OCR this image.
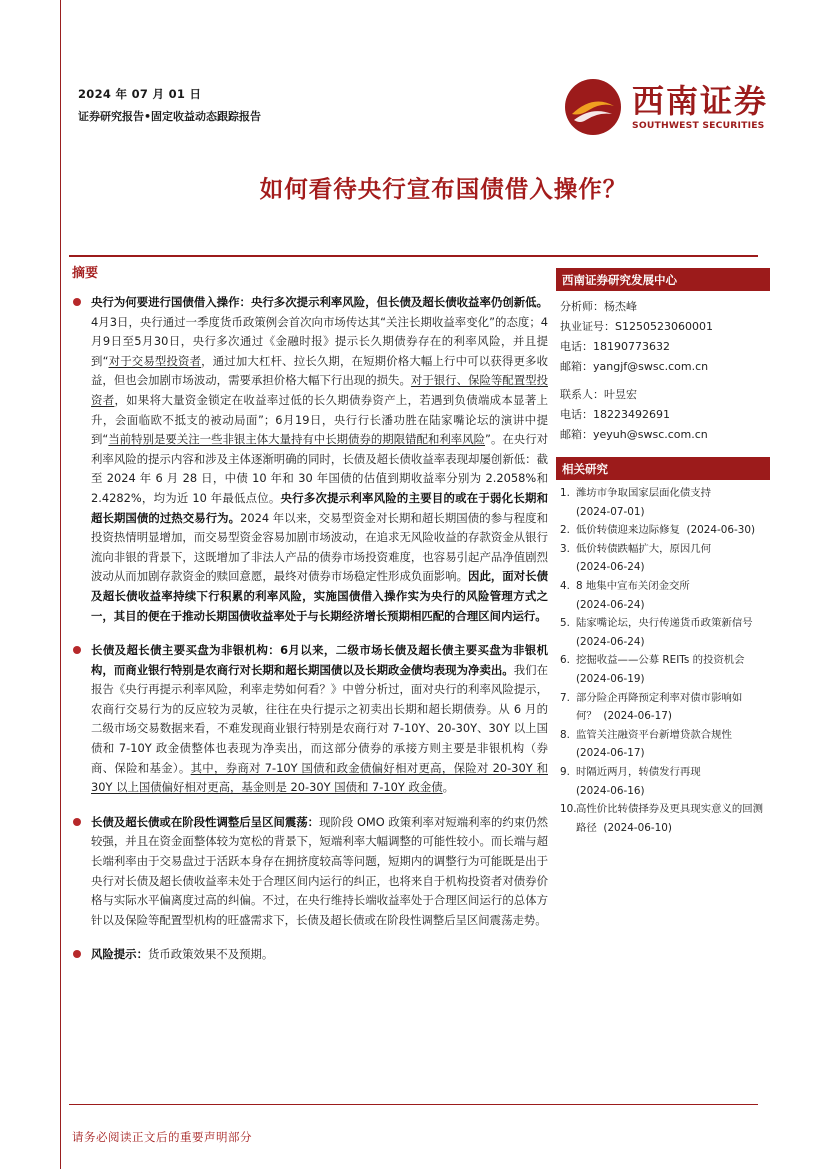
2024 年 07 月 01 日
证券研究报告•固定收益动态跟踪报告	西南证券
SOUTHWEST SECURITIES
如何看待央行宣布国债借入操作？
摘要
央行为何要进行国债借入操作：央行多次提示利率风险，但长债及超长债收益率仍创新低。4月3日，央行通过一季度货币政策例会首次向市场传达其“关注长期收益率变化”的态度；4月9日至5月30日，央行多次通过《金融时报》提示长久期债券存在的利率风险，并且提到“对于交易型投资者，通过加大杠杆、拉长久期，在短期价格大幅上行中可以获得更多收益，但也会加剧市场波动，需要承担价格大幅下行出现的损失。对于银行、保险等配置型投资者，如果将大量资金锁定在收益率过低的长久期债券资产上，若遇到负债端成本显著上升，会面临欧不抵支的被动局面”；6月19日，央行行长潘功胜在陆家嘴论坛的演讲中提到“当前特别是要关注一些非银主体大量持有中长期债券的期限错配和利率风险”。在央行对利率风险的提示内容和涉及主体逐渐明确的同时，长债及超长债收益率表现却屡创新低：截至 2024 年 6 月 28 日，中债 10 年和 30 年国债的估值到期收益率分别为 2.2058%和 2.4282%，均为近 10 年最低点位。央行多次提示利率风险的主要目的或在于弱化长期和超长期国债的过热交易行为。2024 年以来，交易型资金对长期和超长期国债的参与程度和投资热情明显增加，而交易型资金容易加剧市场波动，在追求无风险收益的存款资金从银行流向非银的背景下，这既增加了非法人产品的债券市场投资难度，也容易引起产品净值剧烈波动从而加剧存款资金的赎回意愿，最终对债券市场稳定性形成负面影响。因此，面对长债及超长债收益率持续下行积累的利率风险，实施国债借入操作实为央行的风险管理方式之一，其目的便在于推动长期国债收益率处于与长期经济增长预期相匹配的合理区间内运行。
长债及超长债主要买盘为非银机构：6月以来，二级市场长债及超长债主要买盘为非银机构，而商业银行特别是农商行对长期和超长期国债以及长期政金债均表现为净卖出。我们在报告《央行再提示利率风险，利率走势如何看？》中曾分析过，面对央行的利率风险提示，农商行交易行为的反应较为灵敏，往往在央行提示之初卖出长期和超长期债券。从 6 月的二级市场交易数据来看，不难发现商业银行特别是农商行对 7-10Y、20-30Y、30Y 以上国债和 7-10Y 政金债整体也表现为净卖出，而这部分债券的承接方则主要是非银机构（券商、保险和基金）。其中，券商对 7-10Y 国债和政金债偏好相对更高，保险对 20-30Y 和 30Y 以上国债偏好相对更高，基金则是 20-30Y 国债和 7-10Y 政金债。
长债及超长债或在阶段性调整后呈区间震荡：现阶段 OMO 政策利率对短端利率的约束仍然较强，并且在资金面整体较为宽松的背景下，短端利率大幅调整的可能性较小。而长端与超长端利率由于交易盘过于活跃本身存在拥挤度较高等问题，短期内的调整行为可能既是出于央行对长债及超长债收益率未处于合理区间内运行的纠正，也将来自于机构投资者对债券价格与实际水平偏离度过高的纠偏。不过，在央行维持长端收益率处于合理区间运行的总体方针以及保险等配置型机构的旺盛需求下，长债及超长债或在阶段性调整后呈区间震荡走势。
风险提示：货币政策效果不及预期。
西南证券研究发展中心
分析师：杨杰峰
执业证号：S1250523060001
电话：18190773632
邮箱：yangjf@swsc.com.cn
联系人：叶昱宏
电话：18223492691
邮箱：yeyuh@swsc.com.cn
相关研究
1. 潍坊市争取国家层面化债支持
(2024-07-01)
2. 低价转债迎来边际修复 (2024-06-30)
3. 低价转债跌幅扩大，原因几何
(2024-06-24)
4. 8 地集中宣布关闭金交所
(2024-06-24)
5. 陆家嘴论坛，央行传递货币政策新信号
(2024-06-24)
6. 挖掘收益——公募 REITs 的投资机会
(2024-06-19)
7. 部分险企再降预定利率对债市影响如何？ (2024-06-17)
8. 监管关注融资平台新增贷款合规性
(2024-06-17)
9. 时隔近两月，转债发行再现
(2024-06-16)
10. 高性价比转债择券及更具现实意义的回测路径 (2024-06-10)
请务必阅读正文后的重要声明部分
